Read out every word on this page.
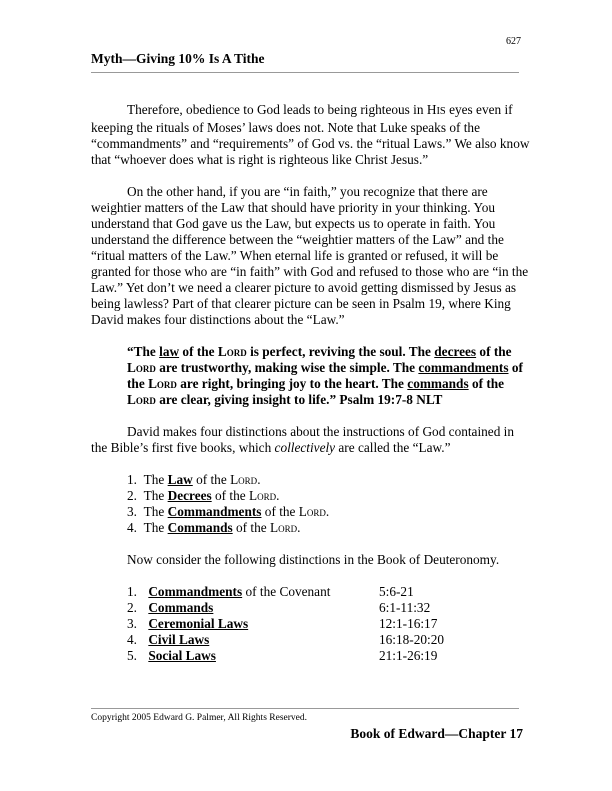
627
Myth—Giving 10% Is A Tithe

Therefore, obedience to God leads to being righteous in HIS eyes even if keeping the rituals of Moses’ laws does not. Note that Luke speaks of the “commandments” and “requirements” of God vs. the “ritual Laws.” We also know that “whoever does what is right is righteous like Christ Jesus.”

On the other hand, if you are “in faith,” you recognize that there are weightier matters of the Law that should have priority in your thinking. You understand that God gave us the Law, but expects us to operate in faith. You understand the difference between the “weightier matters of the Law” and the “ritual matters of the Law.” When eternal life is granted or refused, it will be granted for those who are “in faith” with God and refused to those who are “in the Law.” Yet don’t we need a clearer picture to avoid getting dismissed by Jesus as being lawless? Part of that clearer picture can be seen in Psalm 19, where King David makes four distinctions about the “Law.”

“The law of the Lord is perfect, reviving the soul. The decrees of the Lord are trustworthy, making wise the simple. The commandments of the Lord are right, bringing joy to the heart. The commands of the Lord are clear, giving insight to life.” Psalm 19:7-8 NLT

David makes four distinctions about the instructions of God contained in the Bible’s first five books, which collectively are called the “Law.”

1. The Law of the Lord.
2. The Decrees of the Lord.
3. The Commandments of the Lord.
4. The Commands of the Lord.

Now consider the following distinctions in the Book of Deuteronomy.

1.	Commandments of the Covenant	5:6-21
2.	Commands	6:1-11:32
3.	Ceremonial Laws	12:1-16:17
4.	Civil Laws	16:18-20:20
5.	Social Laws	21:1-26:19
Copyright 2005 Edward G. Palmer, All Rights Reserved.
Book of Edward—Chapter 17
